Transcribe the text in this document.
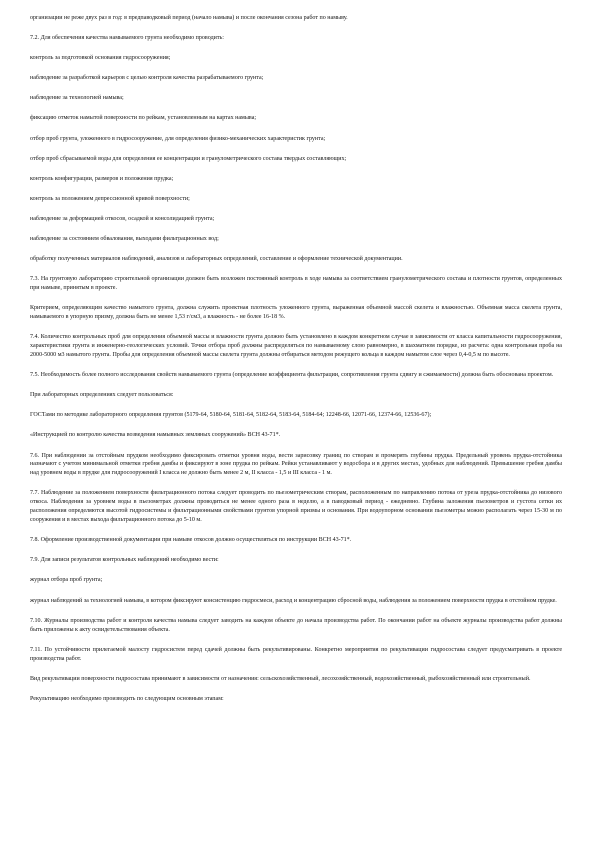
организации не реже двух раз в год: в предпаводковый период (начало намыва) и после окончания сезона работ по намыву.

7.2. Для обеспечения качества намываемого грунта необходимо проводить:

контроль за подготовкой основания гидросооружения;

наблюдение за разработкой карьеров с целью контроля качества разрабатываемого грунта;

наблюдение за технологией намыва;

фиксацию отметок намытой поверхности по рейкам, установленным на картах намыва;

отбор проб грунта, уложенного в гидросооружение, для определения физико-механических характеристик грунта;

отбор проб сбрасываемой воды для определения ее концентрации и гранулометрического состава твердых составляющих;

контроль конфигурации, размеров и положения прудка;

контроль за положением депрессионной кривой поверхности;

наблюдение за деформацией откосов, осадкой и консолидацией грунта;

наблюдение за состоянием обвалования, выходами фильтрационных вод;

обработку полученных материалов наблюдений, анализов и лабораторных определений, составление и оформление технической документации.

7.3. На грунтовую лабораторию строительной организации должен быть возложен постоянный контроль в ходе намыва за соответствием гранулометрического состава и плотности грунтов, определенных при намыве, принятым в проекте.

Критерием, определяющим качество намытого грунта, должна служить проектная плотность уложенного грунта, выраженная объемной массой скелета и влажностью. Объемная масса скелета грунта, намываемого в упорную призму, должна быть не менее 1,53 г/см3, а влажность - не более 16-18 %.

7.4. Количество контрольных проб для определения объемной массы и влажности грунта должно быть установлено в каждом конкретном случае в зависимости от класса капитальности гидросооружения, характеристики грунта и инженерно-геологических условий. Точки отбора проб должны распределяться по намываемому слою равномерно, в шахматном порядке, из расчета: одна контрольная проба на 2000-5000 м3 намытого грунта. Пробы для определения объемной массы скелета грунта должны отбираться методом режущего кольца в каждом намытом слое через 0,4-0,5 м по высоте.

7.5. Необходимость более полного исследования свойств намываемого грунта (определение коэффициента фильтрации, сопротивления грунта сдвигу и сжимаемости) должна быть обоснована проектом.

При лабораторных определениях следует пользоваться:

ГОСТами по методике лабораторного определения грунтов (5179-64, 5180-64, 5181-64, 5182-64, 5183-64, 5184-64; 12248-66, 12071-66, 12374-66, 12536-67);

«Инструкцией по контролю качества возведения намывных земляных сооружений» ВСН 43-71*.

7.6. При наблюдении за отстойным прудком необходимо фиксировать отметки уровня воды, вести зарисовку границ по створам и промерять глубины прудка. Предельный уровень прудка-отстойника назначают с учетом минимальной отметки гребня дамбы и фиксируют в зоне прудка по рейкам. Рейки устанавливают у водосбора и в других местах, удобных для наблюдений. Превышение гребня дамбы над уровнем воды в прудке для гидросооружений I класса не должно быть менее 2 м, II класса - 1,5 и III класса - 1 м.

7.7. Наблюдение за положением поверхности фильтрационного потока следует проводить по пьезометрическим створам, расположенным по направлению потока от уреза прудка-отстойника до низового откоса. Наблюдения за уровнем воды в пьезометрах должны проводиться не менее одного раза в неделю, а в паводковый период - ежедневно. Глубина заложения пьезометров и густота сетки их расположения определяются высотой гидросистемы и фильтрационными свойствами грунтов упорной призмы и основания. При водоупорном основании пьезометры можно располагать через 15-30 м по сооружения и в местах выхода фильтрационного потока до 5-10 м.

7.8. Оформление производственной документации при намыве откосов должно осуществляться по инструкции ВСН 43-71*.

7.9. Для записи результатов контрольных наблюдений необходимо вести:

журнал отбора проб грунта;

журнал наблюдений за технологией намыва, в котором фиксируют консистенцию гидросмеси, расход и концентрацию сбросной воды, наблюдения за положением поверхности прудка в отстойном прудке.

7.10. Журналы производства работ и контроля качества намыва следует заводить на каждом объекте до начала производства работ. По окончании работ на объекте журналы производства работ должны быть приложены к акту освидетельствования объекта.

7.11. По устойчивости прилегаемой малосту гидросистем перед сдачей должны быть рекультивированы. Конкретно мероприятия по рекультивации гидросостава следует предусматривать в проекте производства работ.

Вид рекультивации поверхности гидросостава принимают в зависимости от назначения: сельскохозяйственный, лесохозяйственный, водохозяйственный, рыбохозяйственный или строительный.

Рекультивацию необходимо производить по следующим основным этапам:
